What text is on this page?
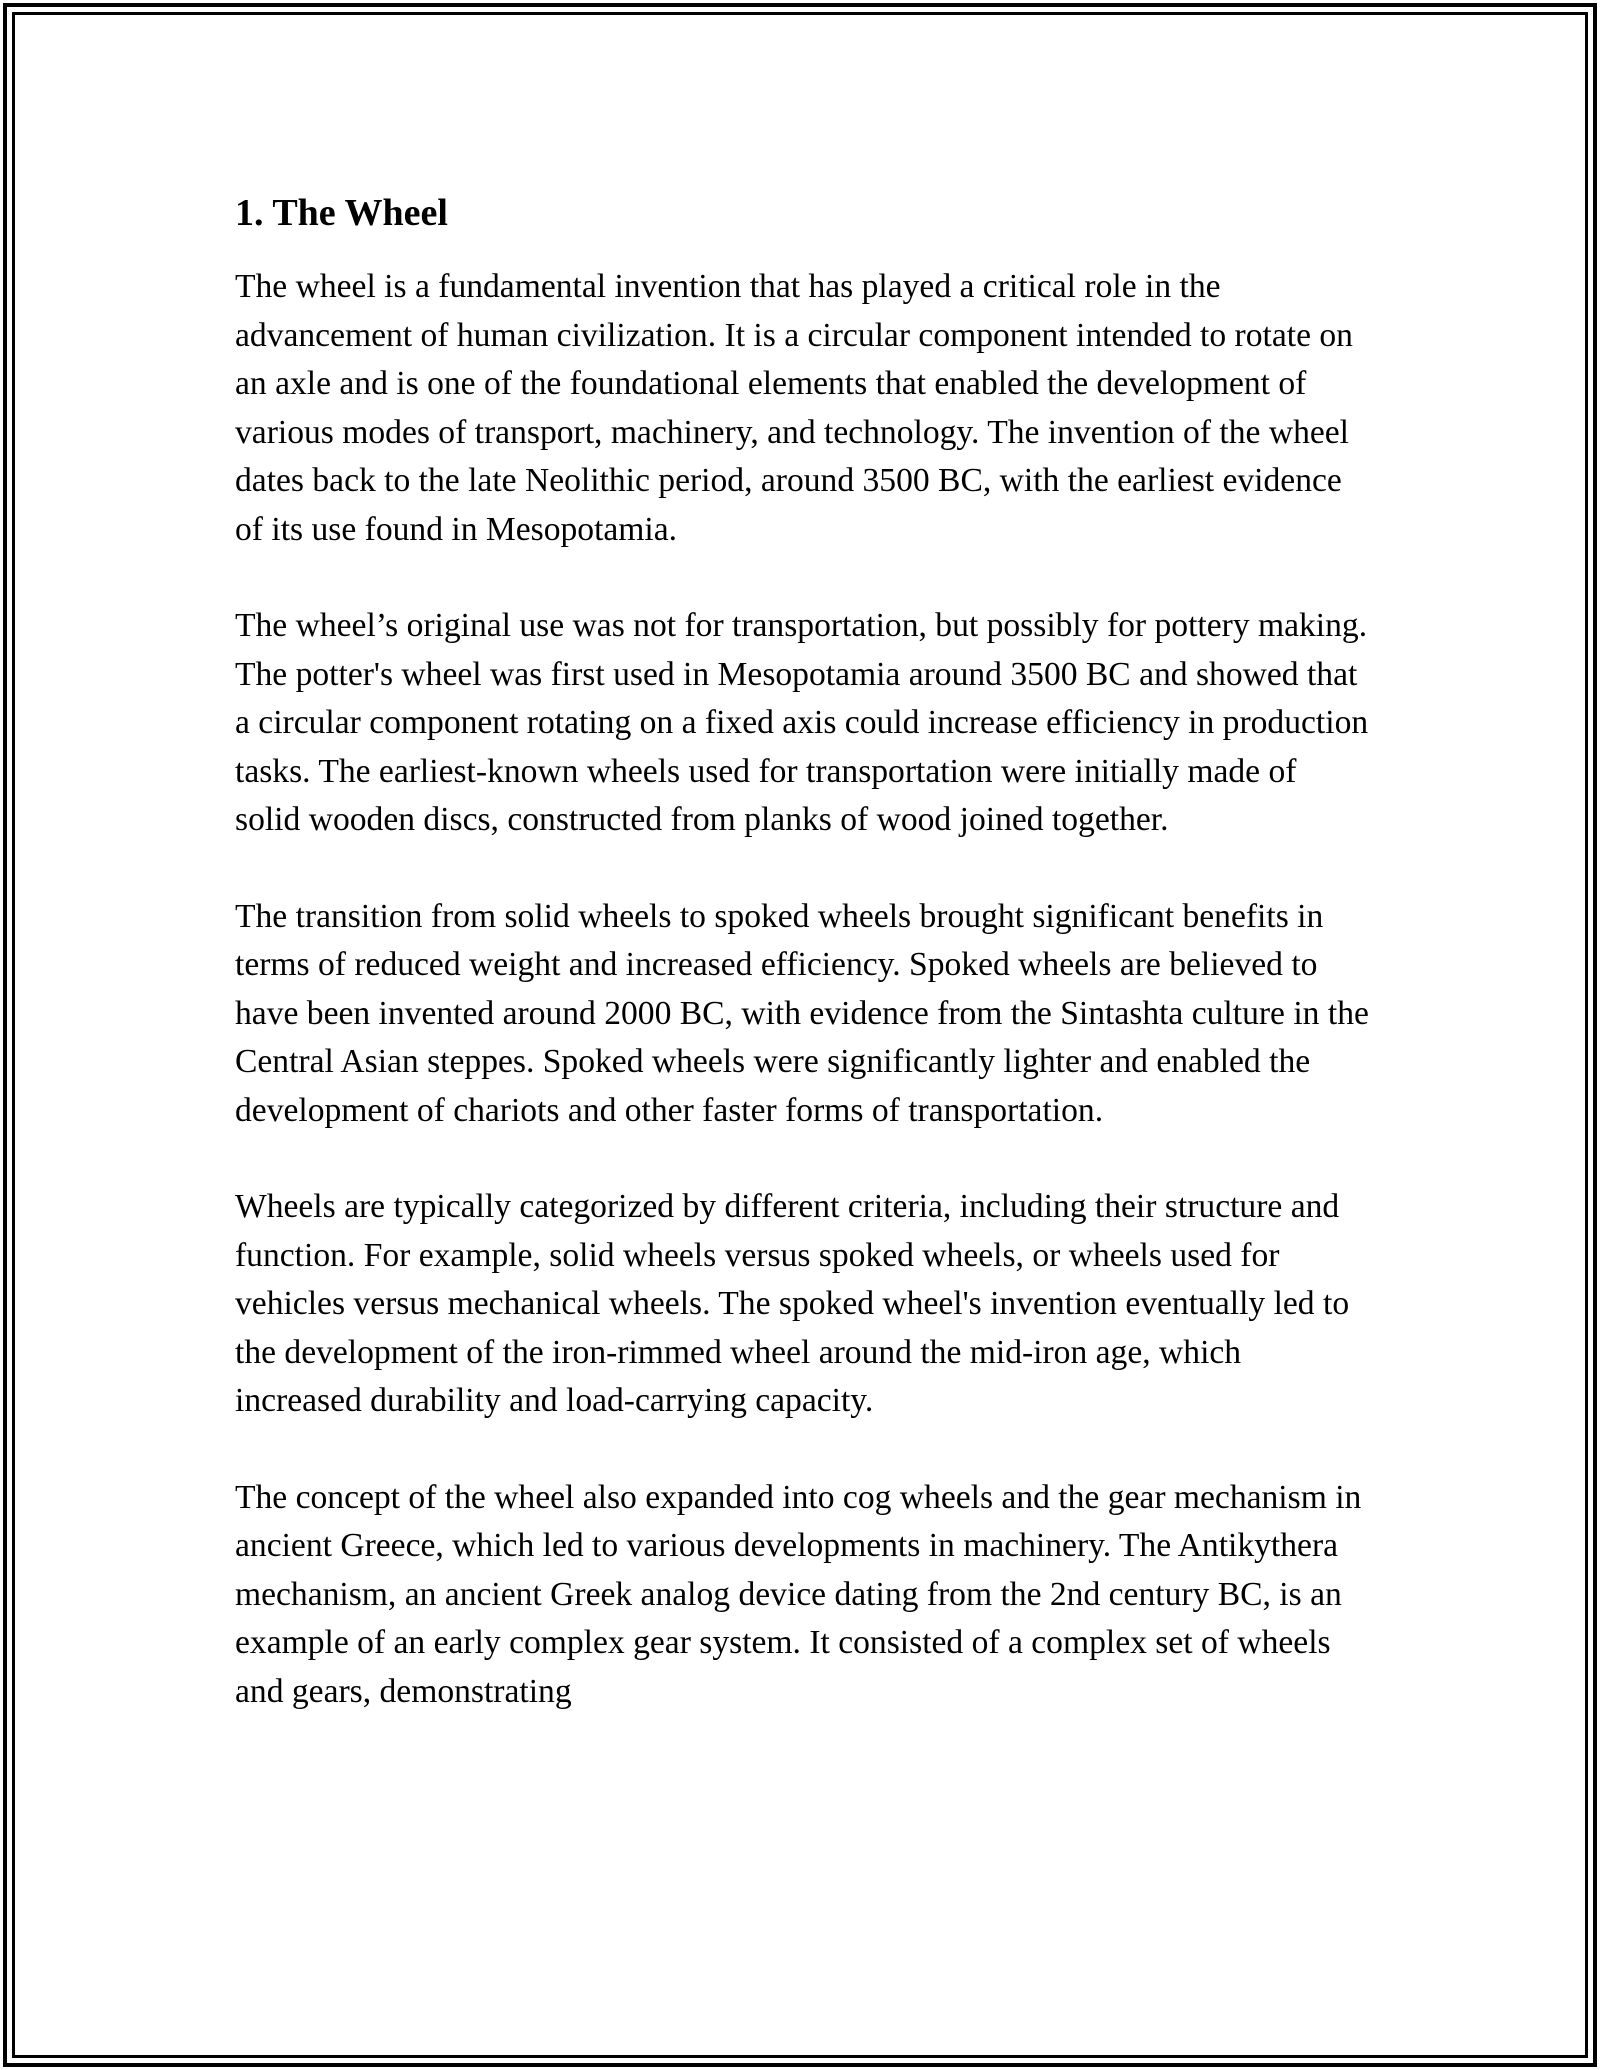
1. The Wheel

The wheel is a fundamental invention that has played a critical role in the advancement of human civilization. It is a circular component intended to rotate on an axle and is one of the foundational elements that enabled the development of various modes of transport, machinery, and technology. The invention of the wheel dates back to the late Neolithic period, around 3500 BC, with the earliest evidence of its use found in Mesopotamia.

The wheel’s original use was not for transportation, but possibly for pottery making. The potter's wheel was first used in Mesopotamia around 3500 BC and showed that a circular component rotating on a fixed axis could increase efficiency in production tasks. The earliest-known wheels used for transportation were initially made of solid wooden discs, constructed from planks of wood joined together.

The transition from solid wheels to spoked wheels brought significant benefits in terms of reduced weight and increased efficiency. Spoked wheels are believed to have been invented around 2000 BC, with evidence from the Sintashta culture in the Central Asian steppes. Spoked wheels were significantly lighter and enabled the development of chariots and other faster forms of transportation.

Wheels are typically categorized by different criteria, including their structure and function. For example, solid wheels versus spoked wheels, or wheels used for vehicles versus mechanical wheels. The spoked wheel's invention eventually led to the development of the iron-rimmed wheel around the mid-iron age, which increased durability and load-carrying capacity.

The concept of the wheel also expanded into cog wheels and the gear mechanism in ancient Greece, which led to various developments in machinery. The Antikythera mechanism, an ancient Greek analog device dating from the 2nd century BC, is an example of an early complex gear system. It consisted of a complex set of wheels and gears, demonstrating
